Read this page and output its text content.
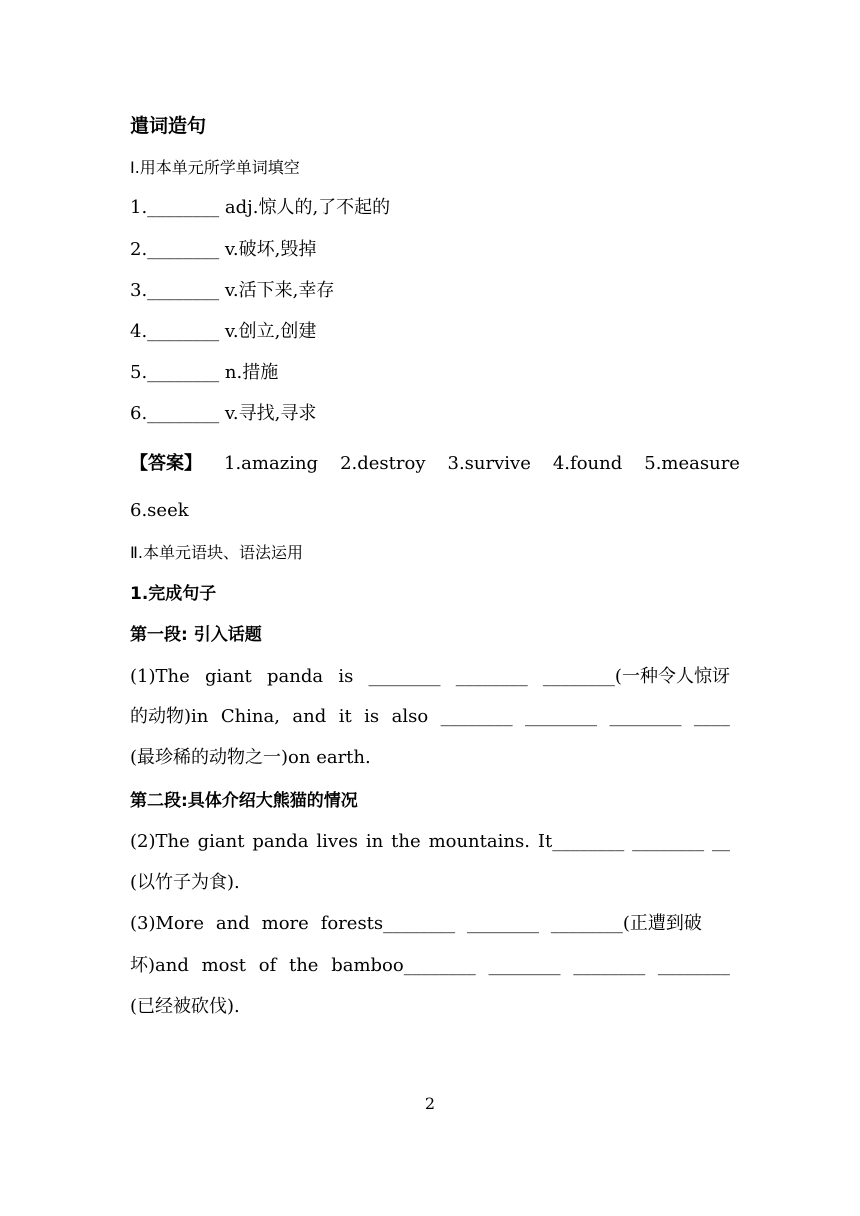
遣词造句
Ⅰ.用本单元所学单词填空
1.________ adj.惊人的,了不起的
2.________ v.破坏,毁掉
3.________ v.活下来,幸存
4.________ v.创立,创建
5.________ n.措施
6.________ v.寻找,寻求
【答案】 1.amazing 2.destroy 3.survive 4.found 5.measure
6.seek
Ⅱ.本单元语块、语法运用
1.完成句子
第一段: 引入话题
(1)The giant panda is ________ ________ ________(一种令人惊讶
的动物)in China, and it is also ________ ________ ________ ____
(最珍稀的动物之一)on earth.
第二段:具体介绍大熊猫的情况
(2)The giant panda lives in the mountains. It________ ________ __
(以竹子为食).
(3)More and more forests________ ________ ________(正遭到破
坏)and most of the bamboo________ ________ ________ ________
(已经被砍伐).
2
